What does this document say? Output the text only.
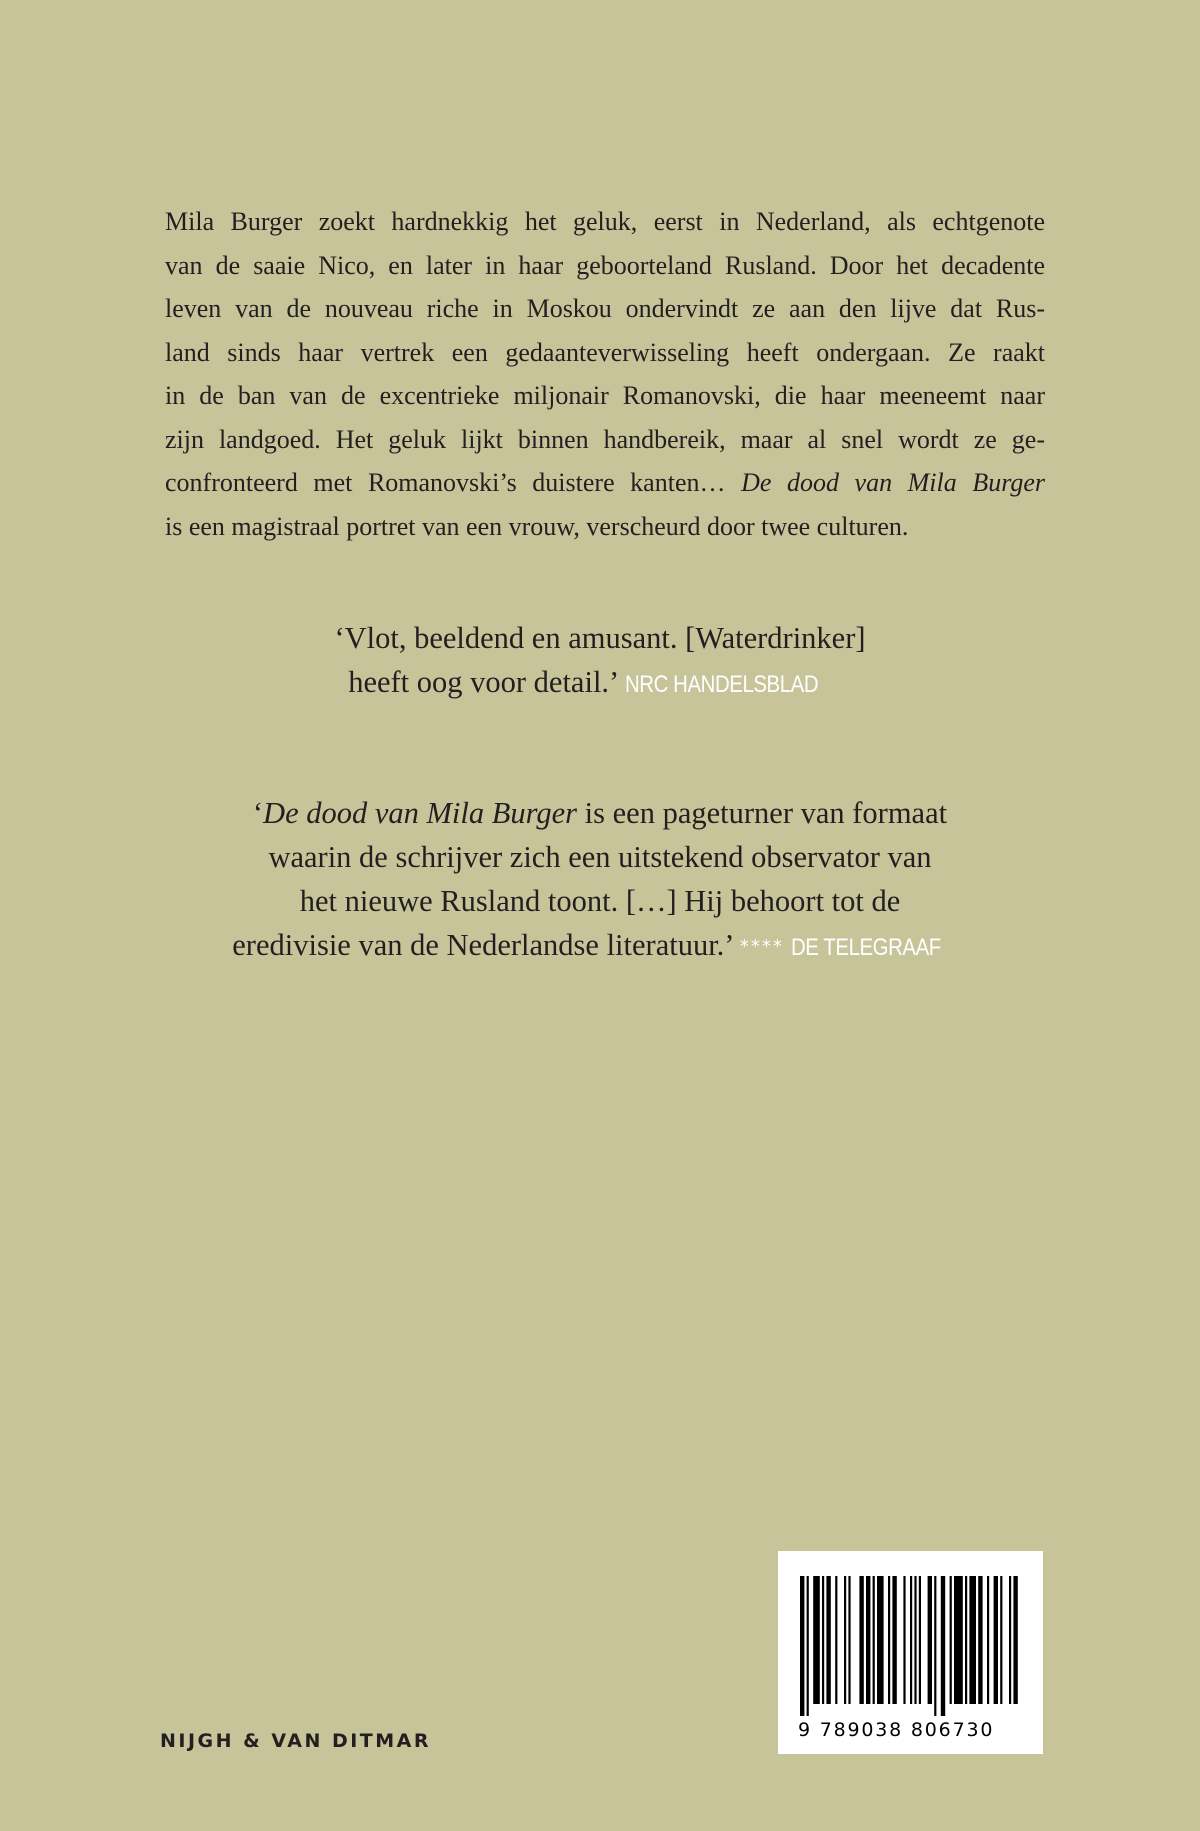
Mila Burger zoekt hardnekkig het geluk, eerst in Nederland, als echtgenote
van de saaie Nico, en later in haar geboorteland Rusland. Door het decadente
leven van de nouveau riche in Moskou ondervindt ze aan den lijve dat Rus-
land sinds haar vertrek een gedaanteverwisseling heeft ondergaan. Ze raakt
in de ban van de excentrieke miljonair Romanovski, die haar meeneemt naar
zijn landgoed. Het geluk lijkt binnen handbereik, maar al snel wordt ze ge-
confronteerd met Romanovski’s duistere kanten… De dood van Mila Burger
is een magistraal portret van een vrouw, verscheurd door twee culturen.
‘Vlot, beeldend en amusant. [Waterdrinker]
heeft oog voor detail.’ NRC HANDELSBLAD
‘De dood van Mila Burger is een pageturner van formaat
waarin de schrijver zich een uitstekend observator van
het nieuwe Rusland toont. […] Hij behoort tot de
eredivisie van de Nederlandse literatuur.’ **** DE TELEGRAAF
NIJGH & VAN DITMAR	9 789038 806730
